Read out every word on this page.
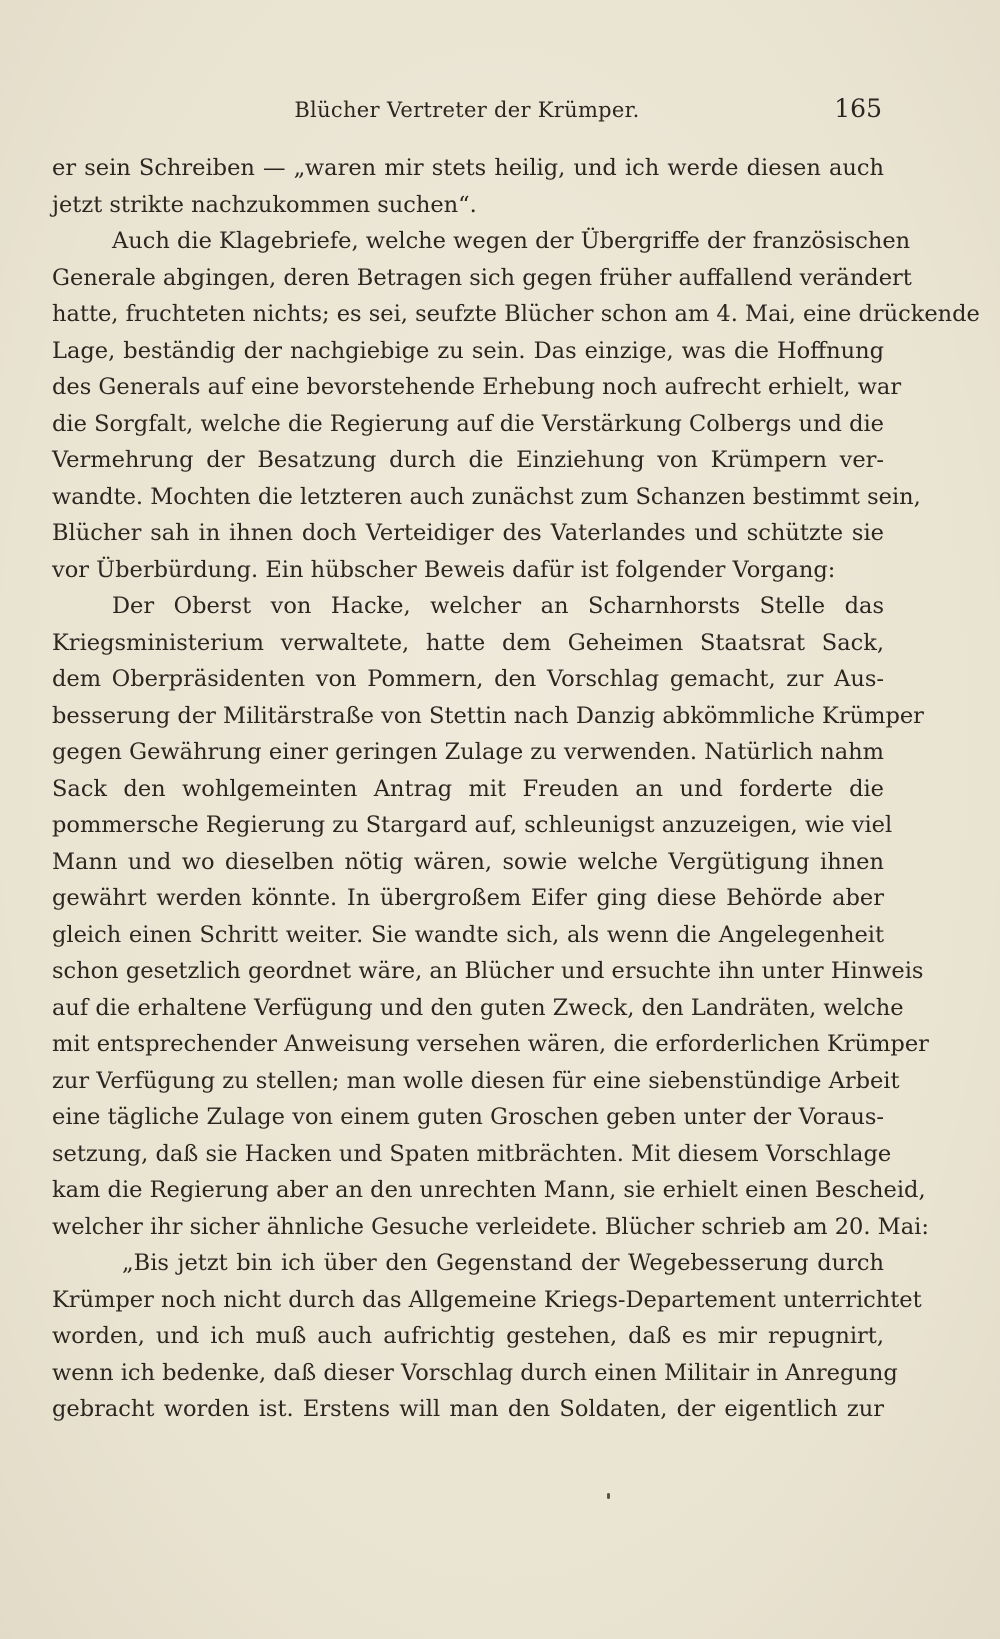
Blücher Vertreter der Krümper.	165
er sein Schreiben — „waren mir stets heilig, und ich werde diesen auch
jetzt strikte nachzukommen suchen“.
Auch die Klagebriefe, welche wegen der Übergriffe der französischen
Generale abgingen, deren Betragen sich gegen früher auffallend verändert
hatte, fruchteten nichts; es sei, seufzte Blücher schon am 4. Mai, eine drückende
Lage, beständig der nachgiebige zu sein. Das einzige, was die Hoffnung
des Generals auf eine bevorstehende Erhebung noch aufrecht erhielt, war
die Sorgfalt, welche die Regierung auf die Verstärkung Colbergs und die
Vermehrung der Besatzung durch die Einziehung von Krümpern ver-
wandte. Mochten die letzteren auch zunächst zum Schanzen bestimmt sein,
Blücher sah in ihnen doch Verteidiger des Vaterlandes und schützte sie
vor Überbürdung. Ein hübscher Beweis dafür ist folgender Vorgang:
Der Oberst von Hacke, welcher an Scharnhorsts Stelle das
Kriegsministerium verwaltete, hatte dem Geheimen Staatsrat Sack,
dem Oberpräsidenten von Pommern, den Vorschlag gemacht, zur Aus-
besserung der Militärstraße von Stettin nach Danzig abkömmliche Krümper
gegen Gewährung einer geringen Zulage zu verwenden. Natürlich nahm
Sack den wohlgemeinten Antrag mit Freuden an und forderte die
pommersche Regierung zu Stargard auf, schleunigst anzuzeigen, wie viel
Mann und wo dieselben nötig wären, sowie welche Vergütigung ihnen
gewährt werden könnte. In übergroßem Eifer ging diese Behörde aber
gleich einen Schritt weiter. Sie wandte sich, als wenn die Angelegenheit
schon gesetzlich geordnet wäre, an Blücher und ersuchte ihn unter Hinweis
auf die erhaltene Verfügung und den guten Zweck, den Landräten, welche
mit entsprechender Anweisung versehen wären, die erforderlichen Krümper
zur Verfügung zu stellen; man wolle diesen für eine siebenstündige Arbeit
eine tägliche Zulage von einem guten Groschen geben unter der Voraus-
setzung, daß sie Hacken und Spaten mitbrächten. Mit diesem Vorschlage
kam die Regierung aber an den unrechten Mann, sie erhielt einen Bescheid,
welcher ihr sicher ähnliche Gesuche verleidete. Blücher schrieb am 20. Mai:
„Bis jetzt bin ich über den Gegenstand der Wegebesserung durch
Krümper noch nicht durch das Allgemeine Kriegs-Departement unterrichtet
worden, und ich muß auch aufrichtig gestehen, daß es mir repugnirt,
wenn ich bedenke, daß dieser Vorschlag durch einen Militair in Anregung
gebracht worden ist. Erstens will man den Soldaten, der eigentlich zur
